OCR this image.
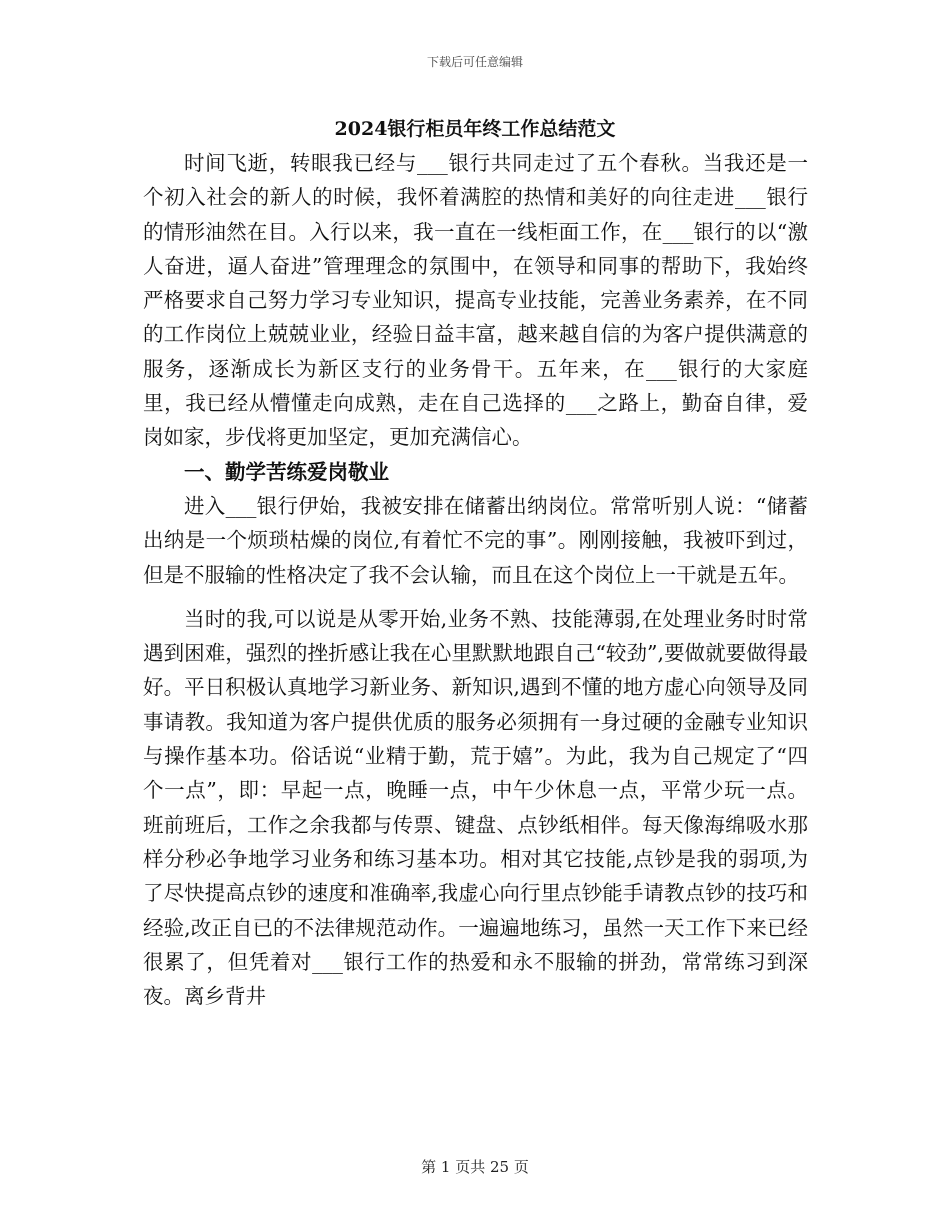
下载后可任意编辑
2024银行柜员年终工作总结范文

时间飞逝，转眼我已经与___银行共同走过了五个春秋。当我还是一个初入社会的新人的时候，我怀着满腔的热情和美好的向往走进___银行的情形油然在目。入行以来，我一直在一线柜面工作，在___银行的以“激人奋进，逼人奋进”管理理念的氛围中，在领导和同事的帮助下，我始终严格要求自己努力学习专业知识，提高专业技能，完善业务素养，在不同的工作岗位上兢兢业业，经验日益丰富，越来越自信的为客户提供满意的服务，逐渐成长为新区支行的业务骨干。五年来，在___银行的大家庭里，我已经从懵懂走向成熟，走在自己选择的___之路上，勤奋自律，爱岗如家，步伐将更加坚定，更加充满信心。

一、勤学苦练爱岗敬业

进入___银行伊始，我被安排在储蓄出纳岗位。常常听别人说：“储蓄出纳是一个烦琐枯燥的岗位,有着忙不完的事”。刚刚接触，我被吓到过，但是不服输的性格决定了我不会认输，而且在这个岗位上一干就是五年。

当时的我,可以说是从零开始,业务不熟、技能薄弱,在处理业务时时常遇到困难，强烈的挫折感让我在心里默默地跟自己“较劲”,要做就要做得最好。平日积极认真地学习新业务、新知识,遇到不懂的地方虚心向领导及同事请教。我知道为客户提供优质的服务必须拥有一身过硬的金融专业知识与操作基本功。俗话说“业精于勤，荒于嬉”。为此，我为自己规定了“四个一点”，即：早起一点，晚睡一点，中午少休息一点，平常少玩一点。班前班后，工作之余我都与传票、键盘、点钞纸相伴。每天像海绵吸水那样分秒必争地学习业务和练习基本功。相对其它技能,点钞是我的弱项,为了尽快提高点钞的速度和准确率,我虚心向行里点钞能手请教点钞的技巧和经验,改正自已的不法律规范动作。一遍遍地练习，虽然一天工作下来已经很累了，但凭着对___银行工作的热爱和永不服输的拼劲，常常练习到深夜。离乡背井

第 1 页共 25 页
